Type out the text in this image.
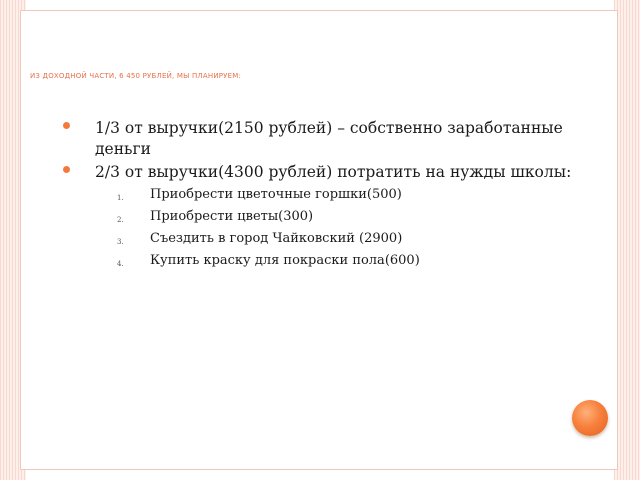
ИЗ ДОХОДНОЙ ЧАСТИ, 6 450 РУБЛЕЙ, МЫ ПЛАНИРУЕМ:
1/3 от выручки(2150 рублей) – собственно заработанные деньги
2/3 от выручки(4300 рублей) потратить на нужды школы:
1. Приобрести цветочные горшки(500)
2. Приобрести цветы(300)
3. Съездить в город Чайковский (2900)
4. Купить краску для покраски пола(600)
